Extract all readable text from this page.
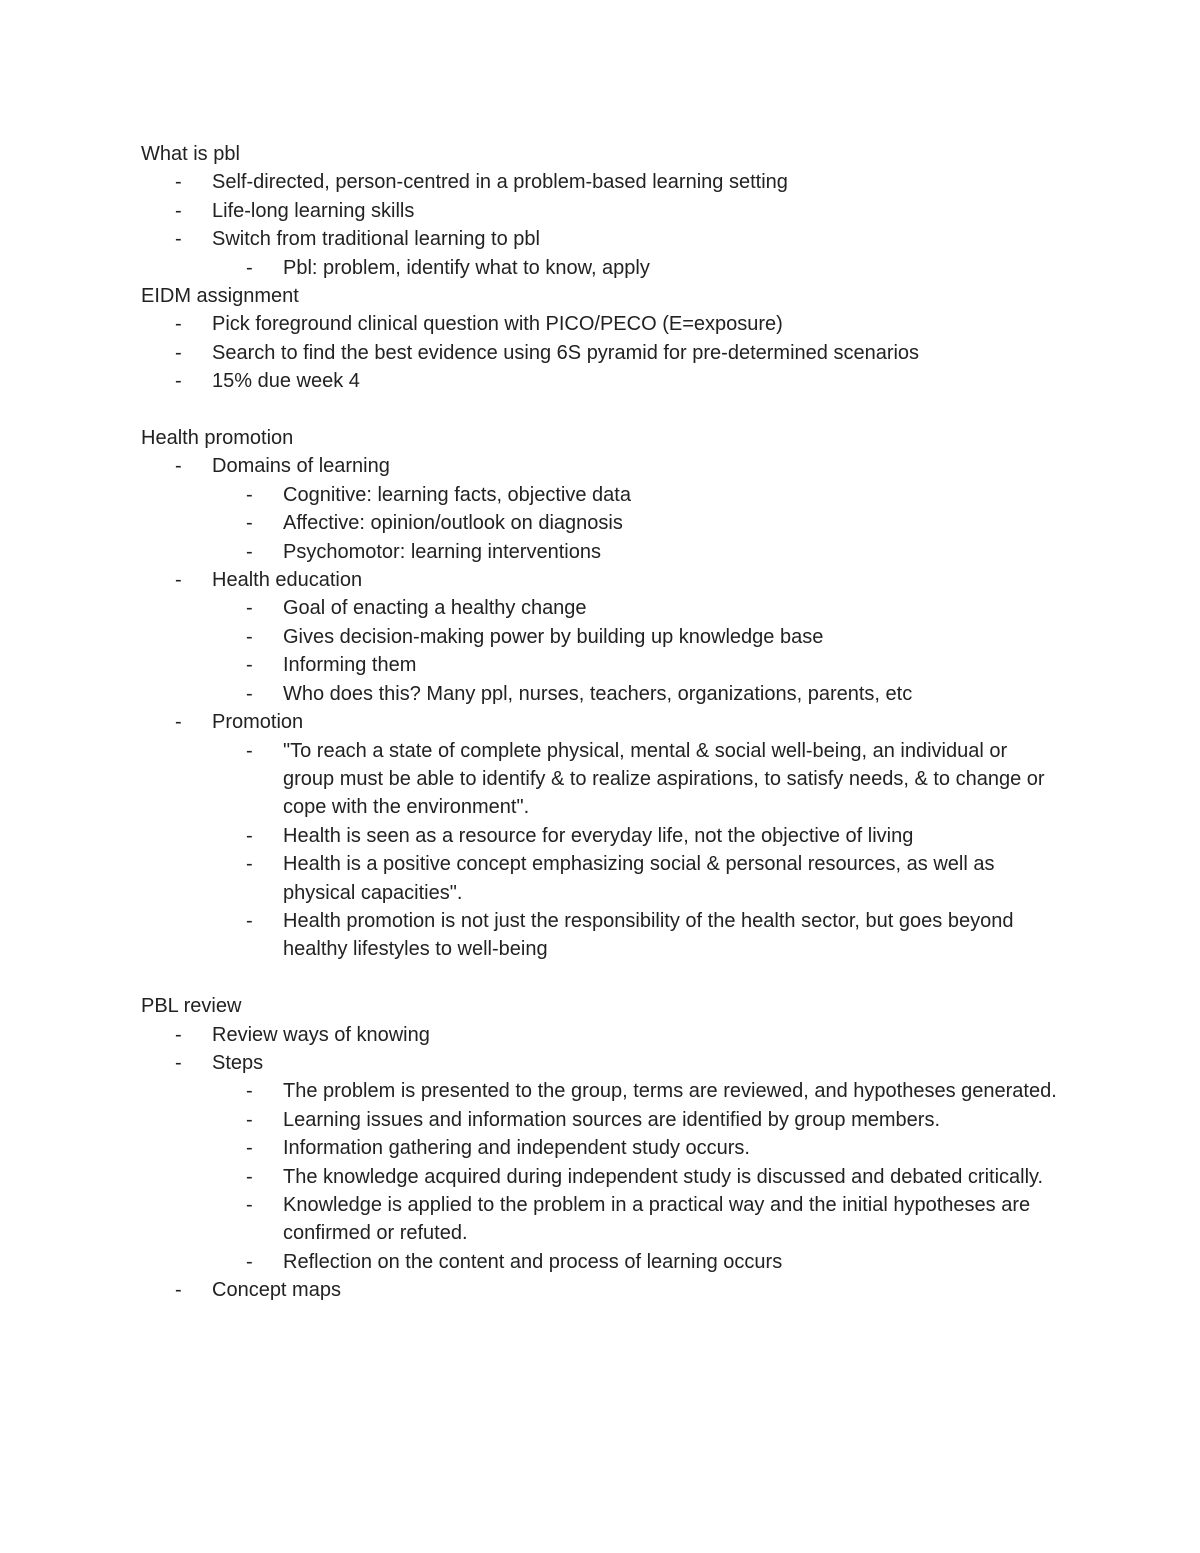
What is pbl
- Self-directed, person-centred in a problem-based learning setting
- Life-long learning skills
- Switch from traditional learning to pbl
- Pbl: problem, identify what to know, apply
EIDM assignment
- Pick foreground clinical question with PICO/PECO (E=exposure)
- Search to find the best evidence using 6S pyramid for pre-determined scenarios
- 15% due week 4
Health promotion
- Domains of learning
- Cognitive: learning facts, objective data
- Affective: opinion/outlook on diagnosis
- Psychomotor: learning interventions
- Health education
- Goal of enacting a healthy change
- Gives decision-making power by building up knowledge base
- Informing them
- Who does this? Many ppl, nurses, teachers, organizations, parents, etc
- Promotion
- "To reach a state of complete physical, mental & social well-being, an individual or group must be able to identify & to realize aspirations, to satisfy needs, & to change or cope with the environment".
- Health is seen as a resource for everyday life, not the objective of living
- Health is a positive concept emphasizing social & personal resources, as well as physical capacities".
- Health promotion is not just the responsibility of the health sector, but goes beyond healthy lifestyles to well-being
PBL review
- Review ways of knowing
- Steps
- The problem is presented to the group, terms are reviewed, and hypotheses generated.
- Learning issues and information sources are identified by group members.
- Information gathering and independent study occurs.
- The knowledge acquired during independent study is discussed and debated critically.
- Knowledge is applied to the problem in a practical way and the initial hypotheses are confirmed or refuted.
- Reflection on the content and process of learning occurs
- Concept maps
